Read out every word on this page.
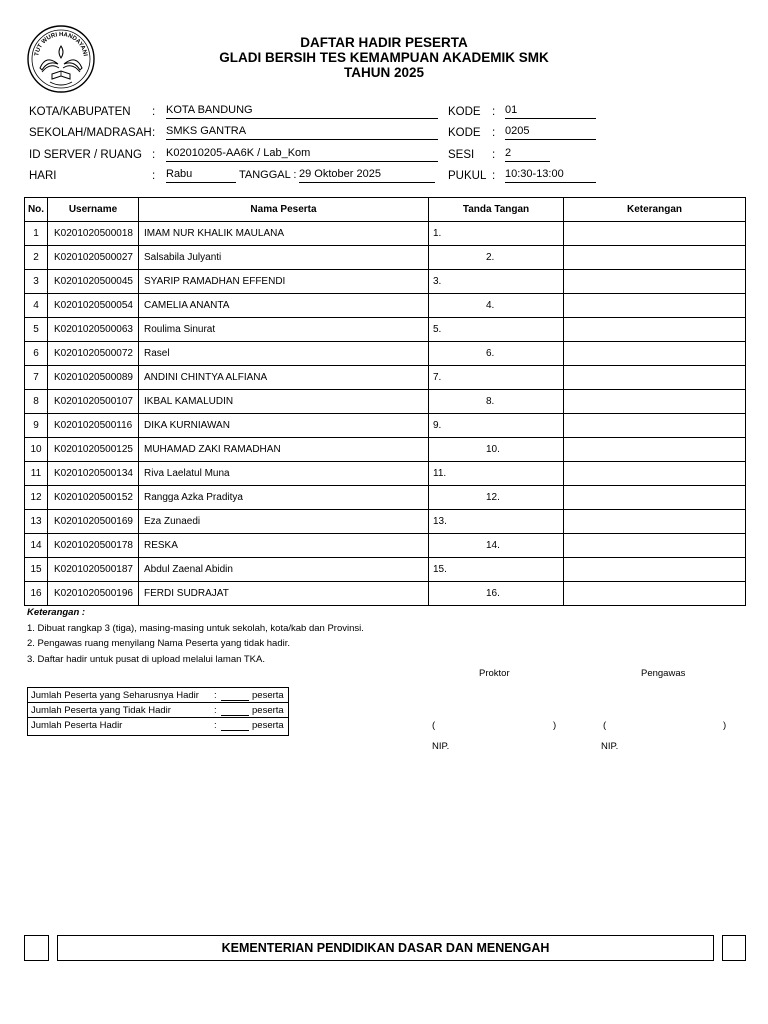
TUT WURI HANDAYANI
DAFTAR HADIR PESERTA
GLADI BERSIH TES KEMAMPUAN AKADEMIK SMK
TAHUN 2025
KOTA/KABUPATEN : KOTA BANDUNG
SEKOLAH/MADRASAH : SMKS GANTRA
ID SERVER / RUANG : K02010205-AA6K / Lab_Kom
HARI	: Rabu	TANGGAL : 29 Oktober 2025
KODE : 01
KODE : 0205
SESI : 2
PUKUL : 10:30-13:00
No.	Username	Nama Peserta	Tanda Tangan	Keterangan
1	K0201020500018	IMAM NUR KHALIK MAULANA	1.	
2	K0201020500027	Salsabila Julyanti	2.	
3	K0201020500045	SYARIP RAMADHAN EFFENDI	3.	
4	K0201020500054	CAMELIA ANANTA	4.	
5	K0201020500063	Roulima Sinurat	5.	
6	K0201020500072	Rasel	6.	
7	K0201020500089	ANDINI CHINTYA ALFIANA	7.	
8	K0201020500107	IKBAL KAMALUDIN	8.	
9	K0201020500116	DIKA KURNIAWAN	9.	
10	K0201020500125	MUHAMAD ZAKI RAMADHAN	10.	
11	K0201020500134	Riva Laelatul Muna	11.	
12	K0201020500152	Rangga Azka Praditya	12.	
13	K0201020500169	Eza Zunaedi	13.	
14	K0201020500178	RESKA	14.	
15	K0201020500187	Abdul Zaenal Abidin	15.	
16	K0201020500196	FERDI SUDRAJAT	16.	
Keterangan :
1. Dibuat rangkap 3 (tiga), masing-masing untuk sekolah, kota/kab dan Provinsi.
2. Pengawas ruang menyilang Nama Peserta yang tidak hadir.
3. Daftar hadir untuk pusat di upload melalui laman TKA.
Jumlah Peserta yang Seharusnya Hadir :	peserta
Jumlah Peserta yang Tidak Hadir	:	peserta
Jumlah Peserta Hadir	:	peserta
Proktor	Pengawas
(	)	(	)
NIP.	NIP.
KEMENTERIAN PENDIDIKAN DASAR DAN MENENGAH
